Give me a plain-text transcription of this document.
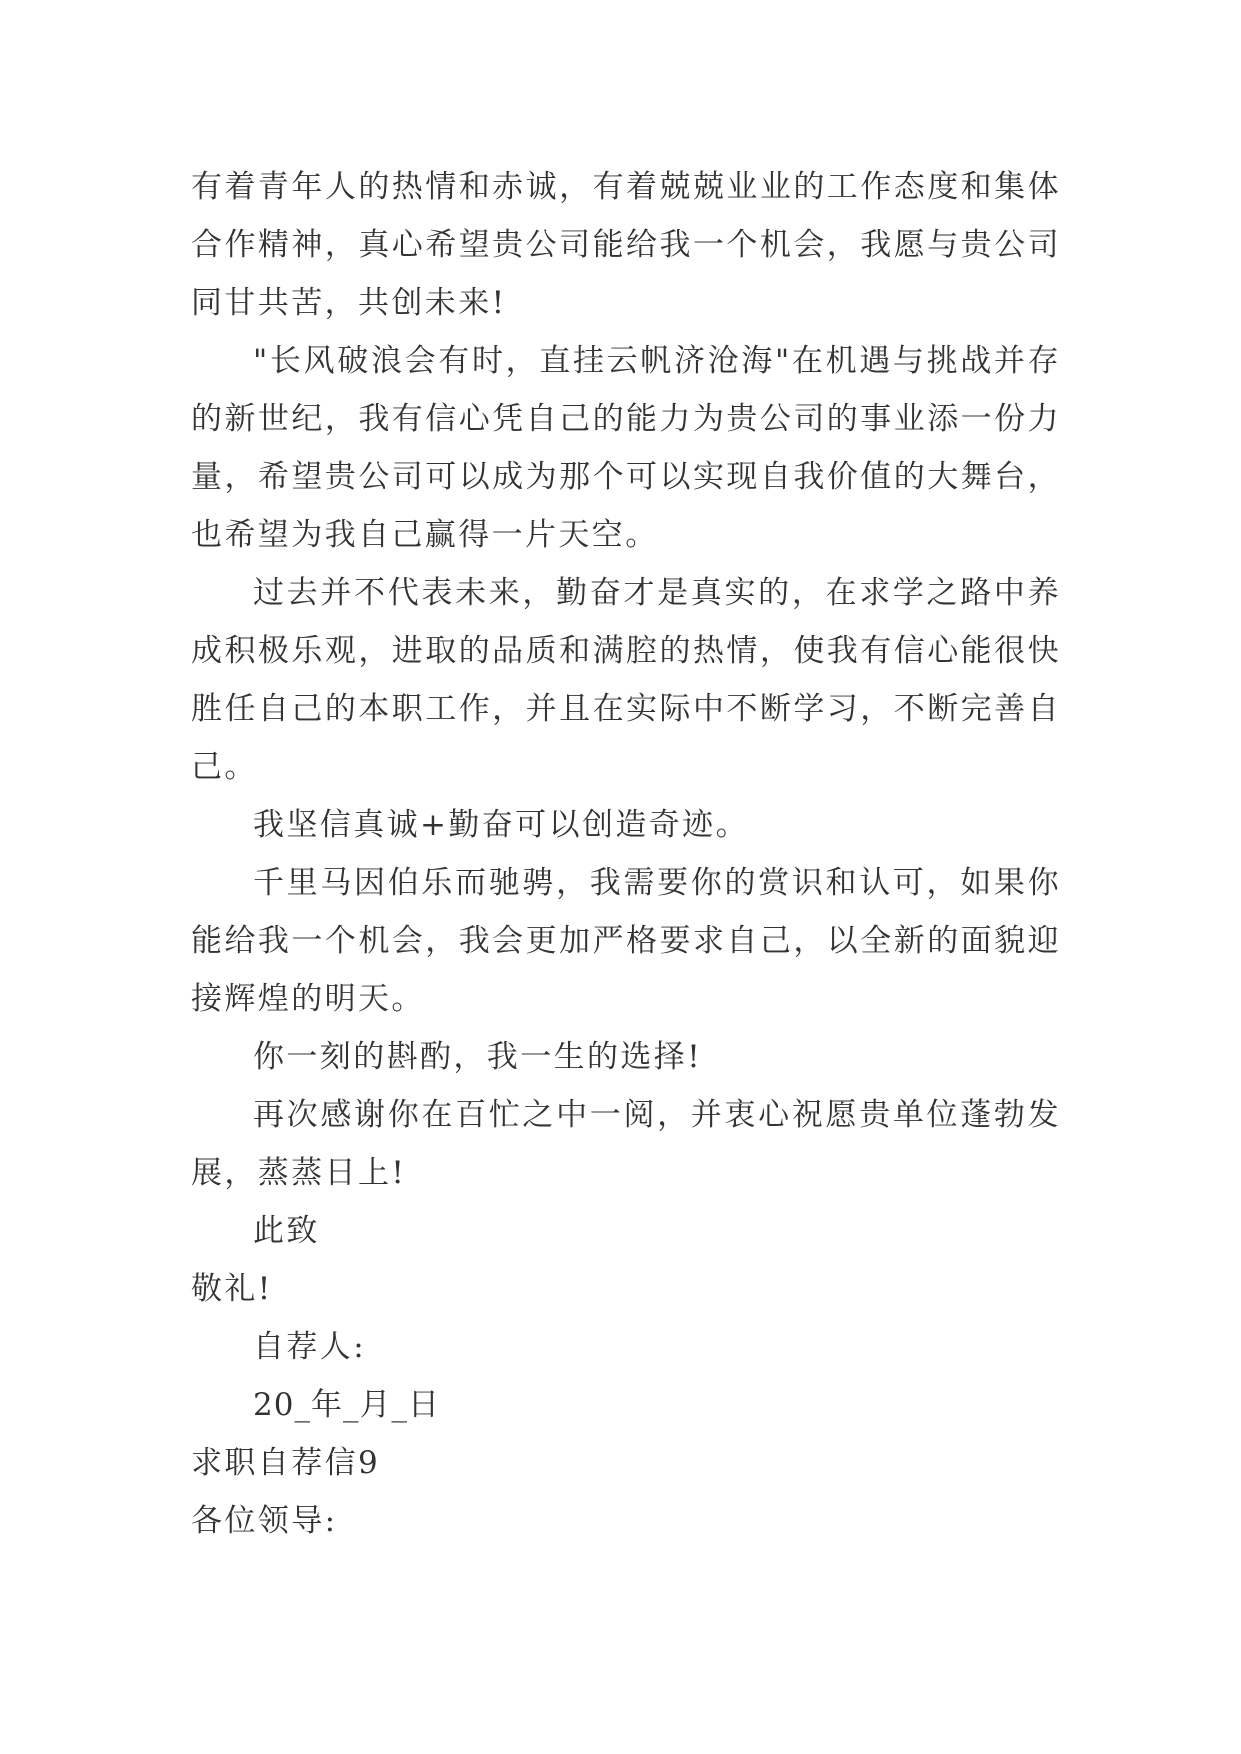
有着青年人的热情和赤诚，有着兢兢业业的工作态度和集体合作精神，真心希望贵公司能给我一个机会，我愿与贵公司同甘共苦，共创未来!

"长风破浪会有时，直挂云帆济沧海"在机遇与挑战并存的新世纪，我有信心凭自己的能力为贵公司的事业添一份力量，希望贵公司可以成为那个可以实现自我价值的大舞台，也希望为我自己赢得一片天空。

过去并不代表未来，勤奋才是真实的，在求学之路中养成积极乐观，进取的品质和满腔的热情，使我有信心能很快胜任自己的本职工作，并且在实际中不断学习，不断完善自己。

我坚信真诚+勤奋可以创造奇迹。

千里马因伯乐而驰骋，我需要你的赏识和认可，如果你能给我一个机会，我会更加严格要求自己，以全新的面貌迎接辉煌的明天。

你一刻的斟酌，我一生的选择!

再次感谢你在百忙之中一阅，并衷心祝愿贵单位蓬勃发展，蒸蒸日上!

此致

敬礼!

自荐人:

20_年_月_日

求职自荐信9

各位领导:
